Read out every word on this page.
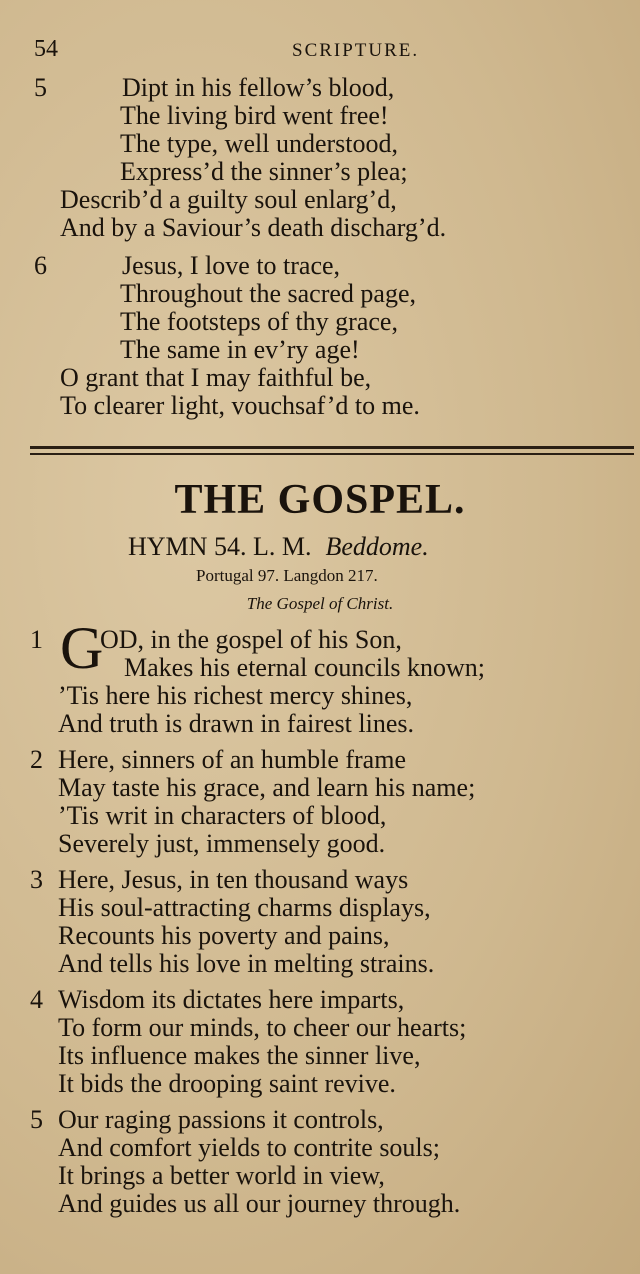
54	SCRIPTURE.
5	Dipt in his fellow’s blood,
The living bird went free!
The type, well understood,
Express’d the sinner’s plea;
Describ’d a guilty soul enlarg’d,
And by a Saviour’s death discharg’d.
6	Jesus, I love to trace,
Throughout the sacred page,
The footsteps of thy grace,
The same in ev’ry age!
O grant that I may faithful be,
To clearer light, vouchsaf’d to me.
THE GOSPEL.
HYMN 54. L. M. Beddome.
Portugal 97. Langdon 217.
The Gospel of Christ.
1 G
OD, in the gospel of his Son,
Makes his eternal councils known;
’Tis here his richest mercy shines,
And truth is drawn in fairest lines.
2 Here, sinners of an humble frame
May taste his grace, and learn his name;
’Tis writ in characters of blood,
Severely just, immensely good.
3 Here, Jesus, in ten thousand ways
His soul-attracting charms displays,
Recounts his poverty and pains,
And tells his love in melting strains.
4 Wisdom its dictates here imparts,
To form our minds, to cheer our hearts;
Its influence makes the sinner live,
It bids the drooping saint revive.
5 Our raging passions it controls,
And comfort yields to contrite souls;
It brings a better world in view,
And guides us all our journey through.
